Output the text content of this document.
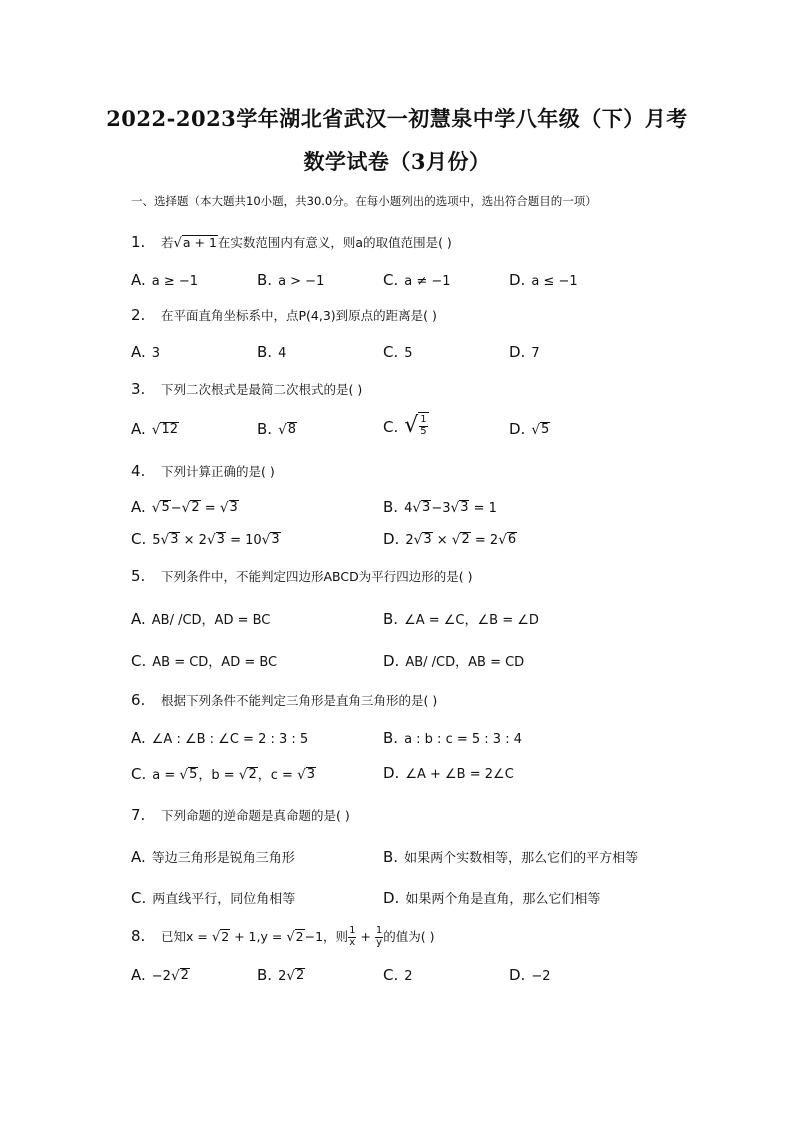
2022-2023学年湖北省武汉一初慧泉中学八年级（下）月考
数学试卷（3月份）
一、选择题（本大题共10小题，共30.0分。在每小题列出的选项中，选出符合题目的一项）
1. 若 √ a + 1 在实数范围内有意义，则a的取值范围是( )
A. a ≥ −1	B. a > −1	C. a ≠ −1	D. a ≤ −1
2. 在平面直角坐标系中，点P(4,3)到原点的距离是( )
A. 3	B. 4	C. 5	D. 7
3. 下列二次根式是最简二次根式的是( )
A. √ 12	B. √ 8	C. √ $\frac{1}{5}$	D. √ 5
4. 下列计算正确的是( )
A. √ 5 − √ 2 = √ 3	B. 4 √ 3 −3 √ 3 = 1
C. 5 √ 3 × 2 √ 3 = 10 √ 3	D. 2 √ 3 × √ 2 = 2 √ 6
5. 下列条件中，不能判定四边形ABCD为平行四边形的是( )
A. AB/ /CD，AD = BC	B. ∠A = ∠C，∠B = ∠D
C. AB = CD，AD = BC	D. AB/ /CD，AB = CD
6. 根据下列条件不能判定三角形是直角三角形的是( )
A. ∠A : ∠B : ∠C = 2 : 3 : 5	B. a : b : c = 5 : 3 : 4
C. a = √ 5 ，b = √ 2 ，c = √ 3	D. ∠A + ∠B = 2∠C
7. 下列命题的逆命题是真命题的是( )
A. 等边三角形是锐角三角形	B. 如果两个实数相等，那么它们的平方相等
C. 两直线平行，同位角相等	D. 如果两个角是直角，那么它们相等
8. 已知x = √ 2 + 1,y = √ 2 −1，则 $\frac{1}{x} + \frac{1}{y}$ 的值为( )
A. −2 √ 2	B. 2 √ 2	C. 2	D. −2
